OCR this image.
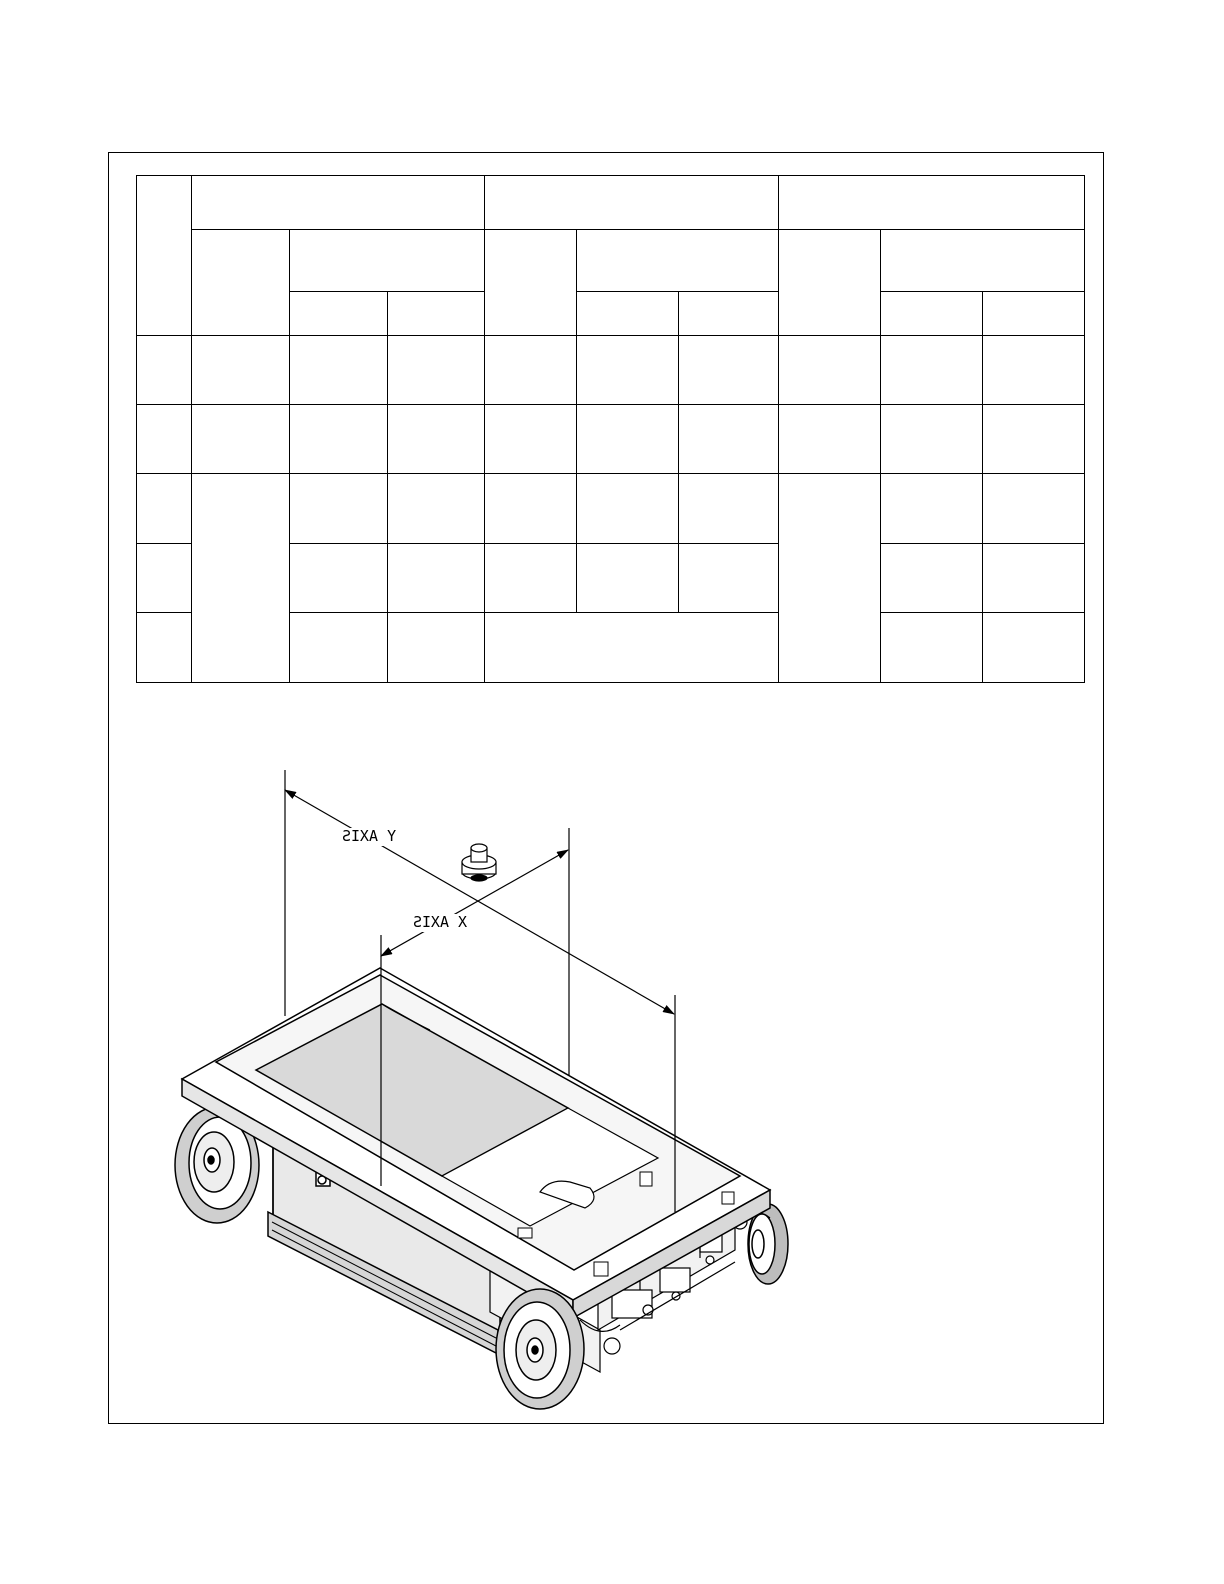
Y AXIS
X AXIS
